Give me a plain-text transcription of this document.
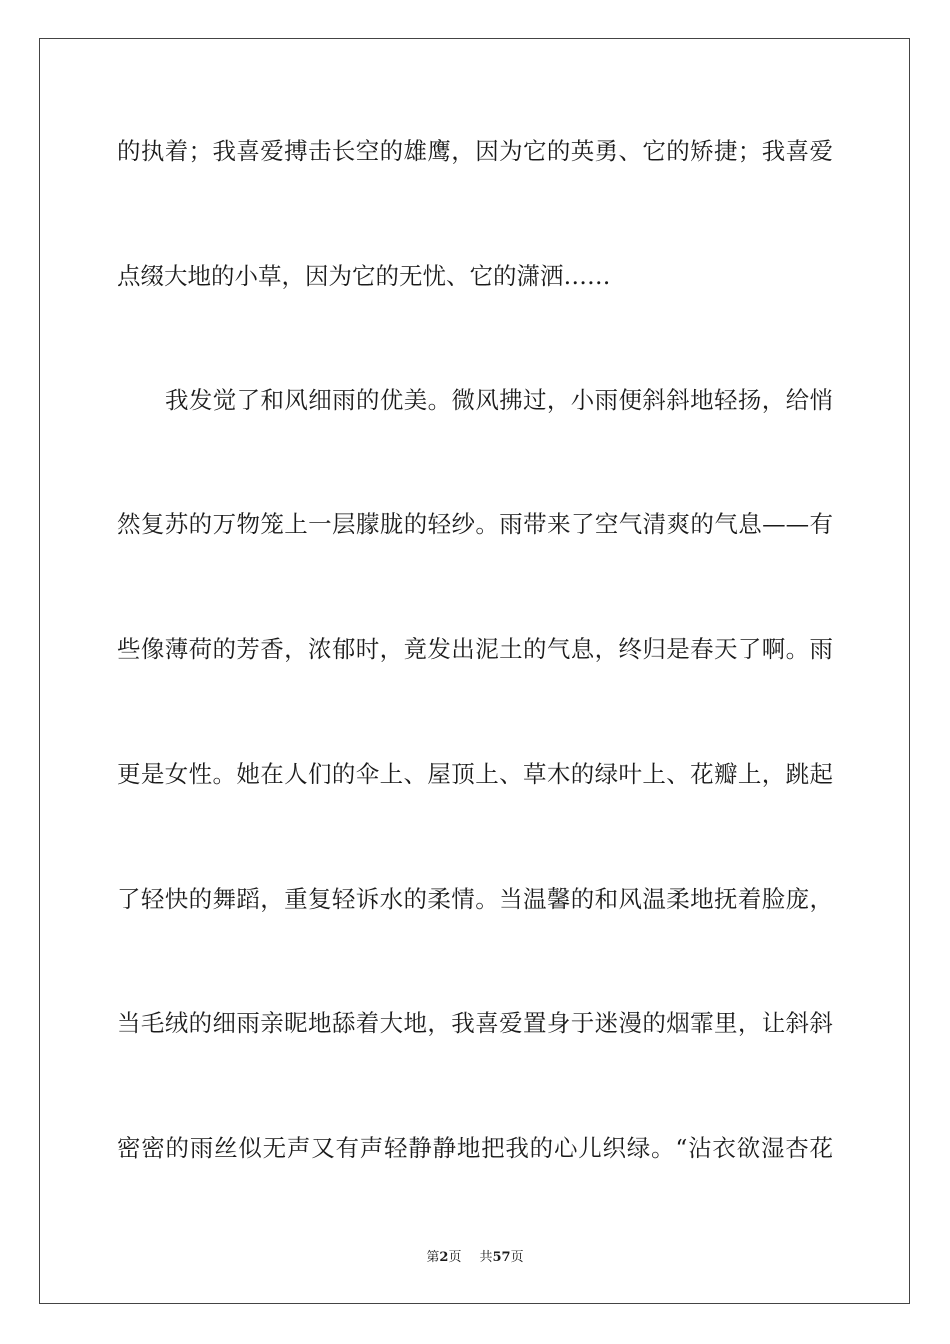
的执着；我喜爱搏击长空的雄鹰，因为它的英勇、它的矫捷；我喜爱
点缀大地的小草，因为它的无忧、它的潇洒……
我发觉了和风细雨的优美。微风拂过，小雨便斜斜地轻扬，给悄
然复苏的万物笼上一层朦胧的轻纱。雨带来了空气清爽的气息——有
些像薄荷的芳香，浓郁时，竟发出泥土的气息，终归是春天了啊。雨
更是女性。她在人们的伞上、屋顶上、草木的绿叶上、花瓣上，跳起
了轻快的舞蹈，重复轻诉水的柔情。当温馨的和风温柔地抚着脸庞，
当毛绒的细雨亲昵地舔着大地，我喜爱置身于迷漫的烟霏里，让斜斜
密密的雨丝似无声又有声轻静静地把我的心儿织绿。“沾衣欲湿杏花
第2页 共57页
